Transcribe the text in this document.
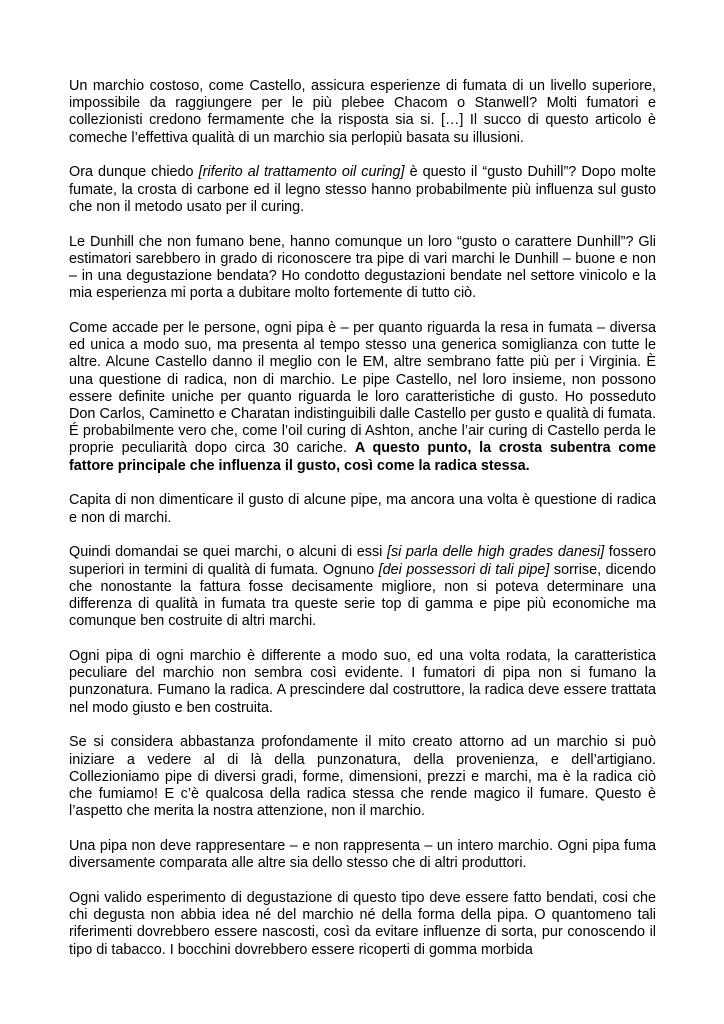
Un marchio costoso, come Castello, assicura esperienze di fumata di un livello superiore, impossibile da raggiungere per le più plebee Chacom o Stanwell? Molti fumatori e collezionisti credono fermamente che la risposta sia si. […] Il succo di questo articolo è comeche l’effettiva qualità di un marchio sia perlopiù basata su illusioni.

Ora dunque chiedo [riferito al trattamento oil curing] è questo il “gusto Duhill”? Dopo molte fumate, la crosta di carbone ed il legno stesso hanno probabilmente più influenza sul gusto che non il metodo usato per il curing.

Le Dunhill che non fumano bene, hanno comunque un loro “gusto o carattere Dunhill”? Gli estimatori sarebbero in grado di riconoscere tra pipe di vari marchi le Dunhill – buone e non – in una degustazione bendata? Ho condotto degustazioni bendate nel settore vinicolo e la mia esperienza mi porta a dubitare molto fortemente di tutto ciò.

Come accade per le persone, ogni pipa è – per quanto riguarda la resa in fumata – diversa ed unica a modo suo, ma presenta al tempo stesso una generica somiglianza con tutte le altre. Alcune Castello danno il meglio con le EM, altre sembrano fatte più per i Virginia. È una questione di radica, non di marchio. Le pipe Castello, nel loro insieme, non possono essere definite uniche per quanto riguarda le loro caratteristiche di gusto. Ho posseduto Don Carlos, Caminetto e Charatan indistinguibili dalle Castello per gusto e qualità di fumata. É probabilmente vero che, come l’oil curing di Ashton, anche l’air curing di Castello perda le proprie peculiarità dopo circa 30 cariche. A questo punto, la crosta subentra come fattore principale che influenza il gusto, così come la radica stessa.

Capita di non dimenticare il gusto di alcune pipe, ma ancora una volta è questione di radica e non di marchi.

Quindi domandai se quei marchi, o alcuni di essi [si parla delle high grades danesi] fossero superiori in termini di qualità di fumata. Ognuno [dei possessori di tali pipe] sorrise, dicendo che nonostante la fattura fosse decisamente migliore, non si poteva determinare una differenza di qualità in fumata tra queste serie top di gamma e pipe più economiche ma comunque ben costruite di altri marchi.

Ogni pipa di ogni marchio è differente a modo suo, ed una volta rodata, la caratteristica peculiare del marchio non sembra così evidente. I fumatori di pipa non si fumano la punzonatura. Fumano la radica. A prescindere dal costruttore, la radica deve essere trattata nel modo giusto e ben costruita.

Se si considera abbastanza profondamente il mito creato attorno ad un marchio si può iniziare a vedere al di là della punzonatura, della provenienza, e dell’artigiano. Collezioniamo pipe di diversi gradi, forme, dimensioni, prezzi e marchi, ma è la radica ciò che fumiamo! E c’è qualcosa della radica stessa che rende magico il fumare. Questo è l’aspetto che merita la nostra attenzione, non il marchio.

Una pipa non deve rappresentare – e non rappresenta – un intero marchio. Ogni pipa fuma diversamente comparata alle altre sia dello stesso che di altri produttori.

Ogni valido esperimento di degustazione di questo tipo deve essere fatto bendati, cosi che chi degusta non abbia idea né del marchio né della forma della pipa. O quantomeno tali riferimenti dovrebbero essere nascosti, così da evitare influenze di sorta, pur conoscendo il tipo di tabacco. I bocchini dovrebbero essere ricoperti di gomma morbida
